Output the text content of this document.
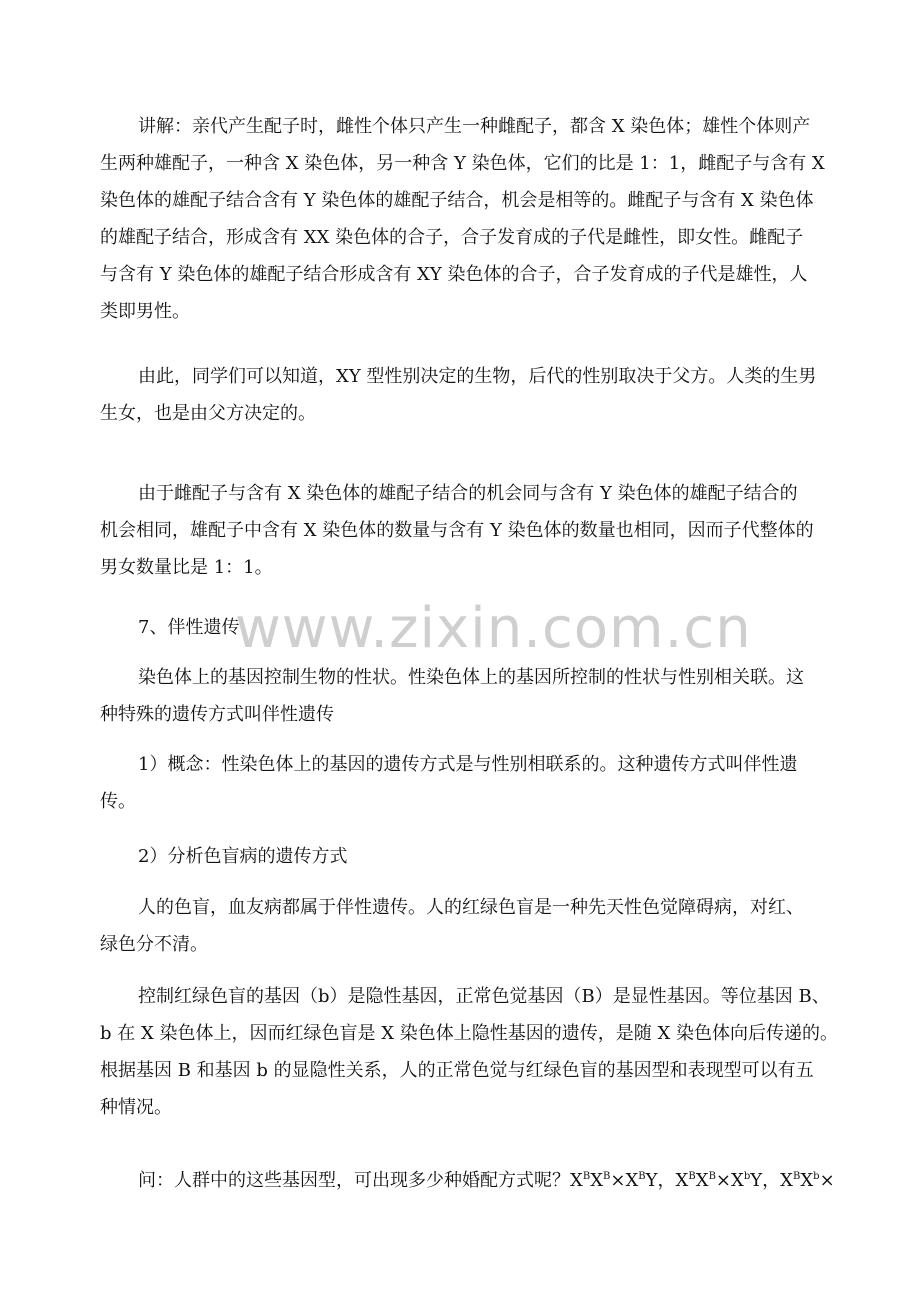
www.zixin.com.cn

讲解：亲代产生配子时，雌性个体只产生一种雌配子，都含 X 染色体；雄性个体则产
生两种雄配子，一种含 X 染色体，另一种含 Y 染色体，它们的比是 1：1，雌配子与含有 X
染色体的雄配子结合含有 Y 染色体的雄配子结合，机会是相等的。雌配子与含有 X 染色体
的雄配子结合，形成含有 XX 染色体的合子，合子发育成的子代是雌性，即女性。雌配子
与含有 Y 染色体的雄配子结合形成含有 XY 染色体的合子，合子发育成的子代是雄性，人
类即男性。

由此，同学们可以知道，XY 型性别决定的生物，后代的性别取决于父方。人类的生男
生女，也是由父方决定的。

由于雌配子与含有 X 染色体的雄配子结合的机会同与含有 Y 染色体的雄配子结合的
机会相同，雄配子中含有 X 染色体的数量与含有 Y 染色体的数量也相同，因而子代整体的
男女数量比是 1：1。

7、伴性遗传

染色体上的基因控制生物的性状。性染色体上的基因所控制的性状与性别相关联。这
种特殊的遗传方式叫伴性遗传

1）概念：性染色体上的基因的遗传方式是与性别相联系的。这种遗传方式叫伴性遗
传。

2）分析色盲病的遗传方式

人的色盲，血友病都属于伴性遗传。人的红绿色盲是一种先天性色觉障碍病，对红、
绿色分不清。

控制红绿色盲的基因（b）是隐性基因，正常色觉基因（B）是显性基因。等位基因 B、
b 在 X 染色体上，因而红绿色盲是 X 染色体上隐性基因的遗传，是随 X 染色体向后传递的。
根据基因 B 和基因 b 的显隐性关系，人的正常色觉与红绿色盲的基因型和表现型可以有五
种情况。

问：人群中的这些基因型，可出现多少种婚配方式呢？$X^BX^B\times X^BY$，$X^BX^B\times X^bY$，$X^BX^b\times$
